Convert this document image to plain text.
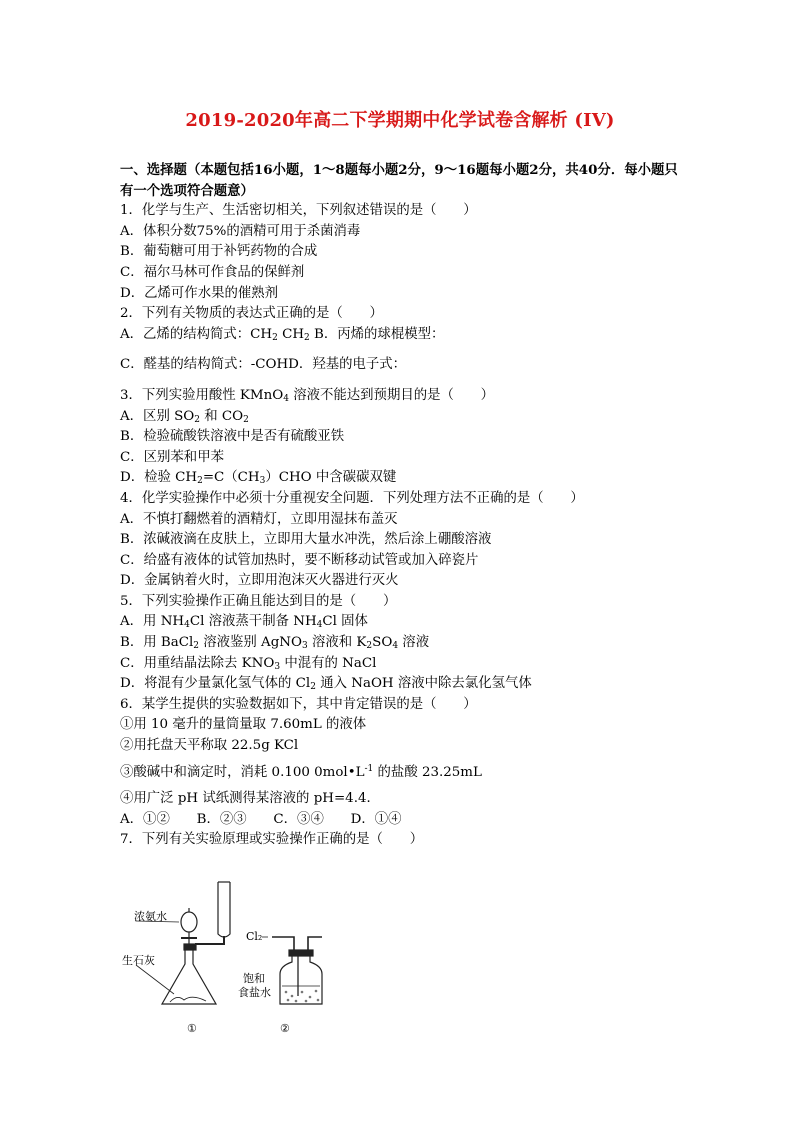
2019-2020年高二下学期期中化学试卷含解析 (IV)
一、选择题（本题包括16小题，1～8题每小题2分，9～16题每小题2分，共40分．每小题只有一个选项符合题意）
1．化学与生产、生活密切相关，下列叙述错误的是（　　）
A．体积分数75%的酒精可用于杀菌消毒
B．葡萄糖可用于补钙药物的合成
C．福尔马林可作食品的保鲜剂
D．乙烯可作水果的催熟剂
2．下列有关物质的表达式正确的是（　　）
A．乙烯的结构简式：$CH_2$ $CH_2$ B．丙烯的球棍模型：
C．醛基的结构简式：-COHD．羟基的电子式：
3．下列实验用酸性 KMnO$_4$ 溶液不能达到预期目的是（　　）
A．区别 $SO_2$ 和 $CO_2$
B．检验硫酸铁溶液中是否有硫酸亚铁
C．区别苯和甲苯
D．检验 $CH_2=C(CH_3)CHO$ 中含碳碳双键
4．化学实验操作中必须十分重视安全问题．下列处理方法不正确的是（　　）
A．不慎打翻燃着的酒精灯，立即用湿抹布盖灭
B．浓碱液滴在皮肤上，立即用大量水冲洗，然后涂上硼酸溶液
C．给盛有液体的试管加热时，要不断移动试管或加入碎瓷片
D．金属钠着火时，立即用泡沫灭火器进行灭火
5．下列实验操作正确且能达到目的是（　　）
A．用 $NH_4Cl$ 溶液蒸干制备 $NH_4Cl$ 固体
B．用 BaCl$_2$ 溶液鉴别 AgNO$_3$ 溶液和 $K_2SO_4$ 溶液
C．用重结晶法除去 $KNO_3$ 中混有的 NaCl
D．将混有少量氯化氢气体的 $Cl_2$ 通入 NaOH 溶液中除去氯化氢气体
6．某学生提供的实验数据如下，其中肯定错误的是（　　）
①用 10 毫升的量筒量取 7.60mL 的液体
②用托盘天平称取 22.5g KCl
③酸碱中和滴定时，消耗 0.100 $0mol•L^{-1}$ 的盐酸 23.25mL
④用广泛 pH 试纸测得某溶液的 pH=4.4．
A．①②　　B．②③　　C．③④　　D．①④
7．下列有关实验原理或实验操作正确的是（　　）
浓氨水
生石灰
Cl₂
饱和
食盐水
①	②
